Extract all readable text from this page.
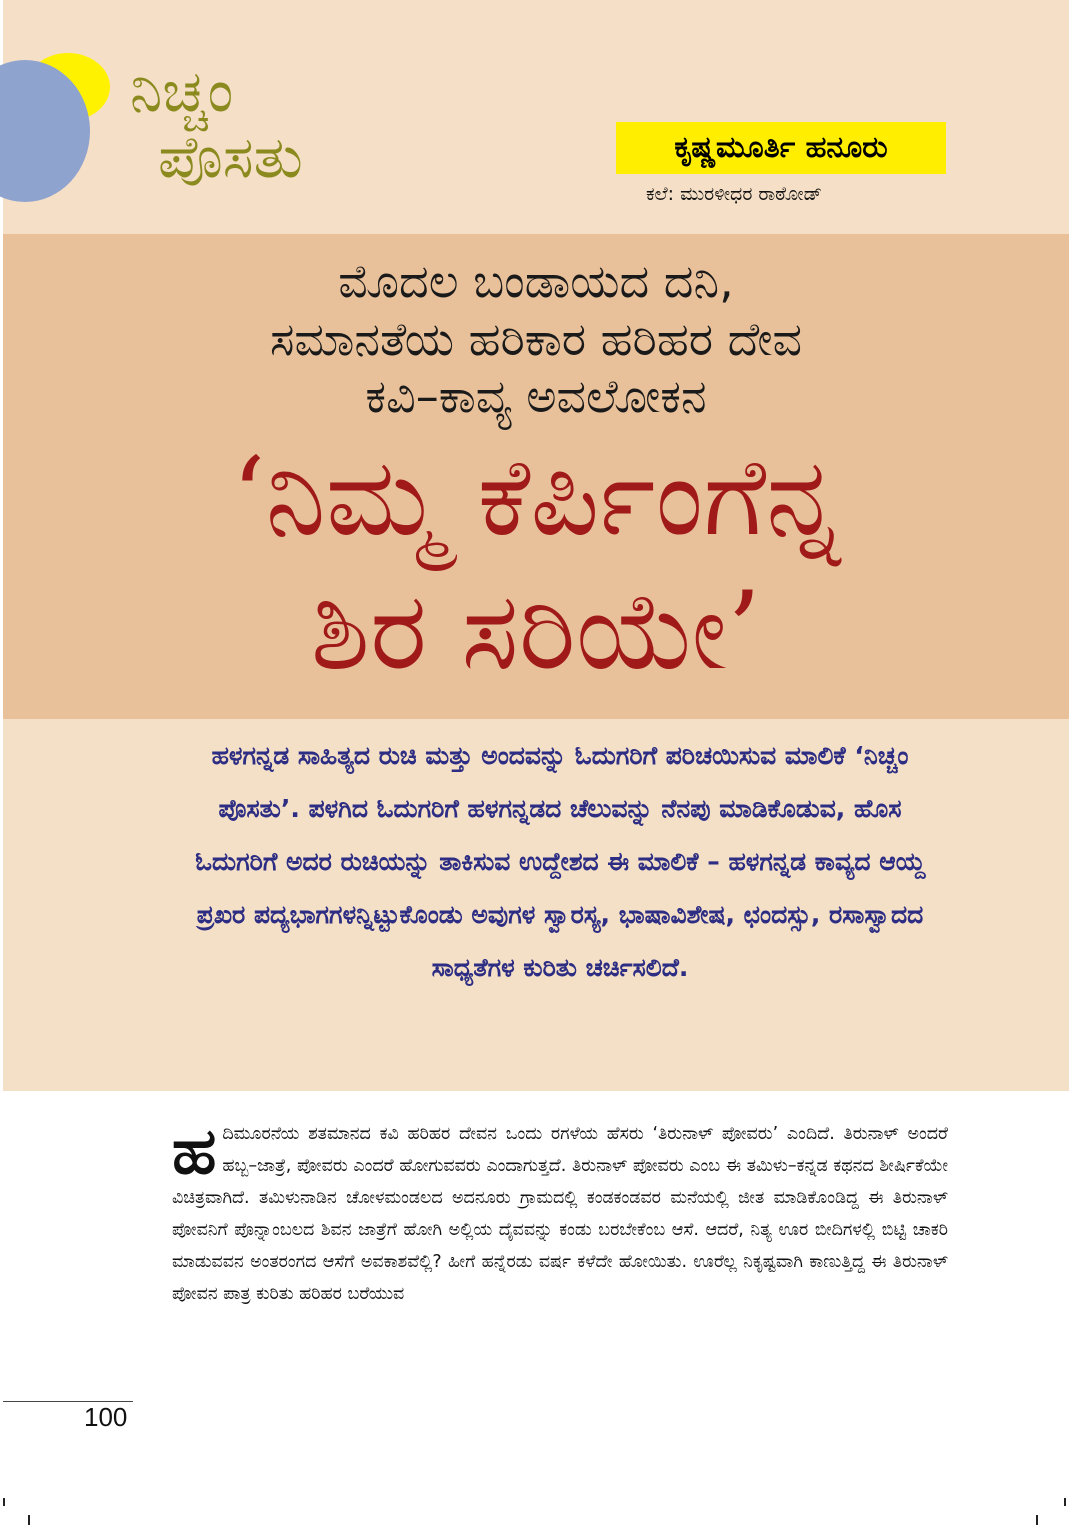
ನಿಚ್ಚಂ
ಪೊಸತು	ಕೃಷ್ಣಮೂರ್ತಿ ಹನೂರು
ಕಲೆ: ಮುರಳೀಧರ ರಾಠೋಡ್
ಮೊದಲ ಬಂಡಾಯದ ದನಿ,
ಸಮಾನತೆಯ ಹರಿಕಾರ ಹರಿಹರ ದೇವ
ಕವಿ–ಕಾವ್ಯ ಅವಲೋಕನ
‘ನಿಮ್ಮ ಕೆರ್ಪಿಂಗೆನ್ನ
ಶಿರ ಸರಿಯೇ’
ಹಳಗನ್ನಡ ಸಾಹಿತ್ಯದ ರುಚಿ ಮತ್ತು ಅಂದವನ್ನು ಓದುಗರಿಗೆ ಪರಿಚಯಿಸುವ ಮಾಲಿಕೆ ‘ನಿಚ್ಚಂ ಪೊಸತು’. ಪಳಗಿದ ಓದುಗರಿಗೆ ಹಳಗನ್ನಡದ ಚೆಲುವನ್ನು ನೆನಪು ಮಾಡಿಕೊಡುವ, ಹೊಸ ಓದುಗರಿಗೆ ಅದರ ರುಚಿಯನ್ನು ತಾಕಿಸುವ ಉದ್ದೇಶದ ಈ ಮಾಲಿಕೆ – ಹಳಗನ್ನಡ ಕಾವ್ಯದ ಆಯ್ದ ಪ್ರಖರ ಪದ್ಯಭಾಗಗಳನ್ನಿಟ್ಟುಕೊಂಡು ಅವುಗಳ ಸ್ವಾರಸ್ಯ, ಭಾಷಾವಿಶೇಷ, ಛಂದಸ್ಸು, ರಸಾಸ್ವಾದದ ಸಾಧ್ಯತೆಗಳ ಕುರಿತು ಚರ್ಚಿಸಲಿದೆ.
ಹ ದಿಮೂರನೆಯ ಶತಮಾನದ ಕವಿ ಹರಿಹರ ದೇವನ ಒಂದು ರಗಳೆಯ ಹೆಸರು ‘ತಿರುನಾಳ್ ಪೋವರು’ ಎಂದಿದೆ. ತಿರುನಾಳ್ ಅಂದರೆ ಹಬ್ಬ–ಜಾತ್ರೆ, ಪೋವರು ಎಂದರೆ ಹೋಗುವವರು ಎಂದಾಗುತ್ತದೆ. ತಿರುನಾಳ್ ಪೋವರು ಎಂಬ ಈ ತಮಿಳು–ಕನ್ನಡ ಕಥನದ ಶೀರ್ಷಿಕೆಯೇ ವಿಚಿತ್ರವಾಗಿದೆ. ತಮಿಳುನಾಡಿನ ಚೋಳಮಂಡಲದ ಅದನೂರು ಗ್ರಾಮದಲ್ಲಿ ಕಂಡಕಂಡವರ ಮನೆಯಲ್ಲಿ ಜೀತ ಮಾಡಿಕೊಂಡಿದ್ದ ಈ ತಿರುನಾಳ್ ಪೋವನಿಗೆ ಪೊನ್ನಾಂಬಲದ ಶಿವನ ಜಾತ್ರೆಗೆ ಹೋಗಿ ಅಲ್ಲಿಯ ದೈವವನ್ನು ಕಂಡು ಬರಬೇಕೆಂಬ ಆಸೆ. ಆದರೆ, ನಿತ್ಯ ಊರ ಬೀದಿಗಳಲ್ಲಿ ಬಿಟ್ಟಿ ಚಾಕರಿ ಮಾಡುವವನ ಅಂತರಂಗದ ಆಸೆಗೆ ಅವಕಾಶವೆಲ್ಲಿ? ಹೀಗೆ ಹನ್ನೆರಡು ವರ್ಷ ಕಳೆದೇ ಹೋಯಿತು. ಊರೆಲ್ಲ ನಿಕೃಷ್ಟವಾಗಿ ಕಾಣುತ್ತಿದ್ದ ಈ ತಿರುನಾಳ್ ಪೋವನ ಪಾತ್ರ ಕುರಿತು ಹರಿಹರ ಬರೆಯುವ
100
